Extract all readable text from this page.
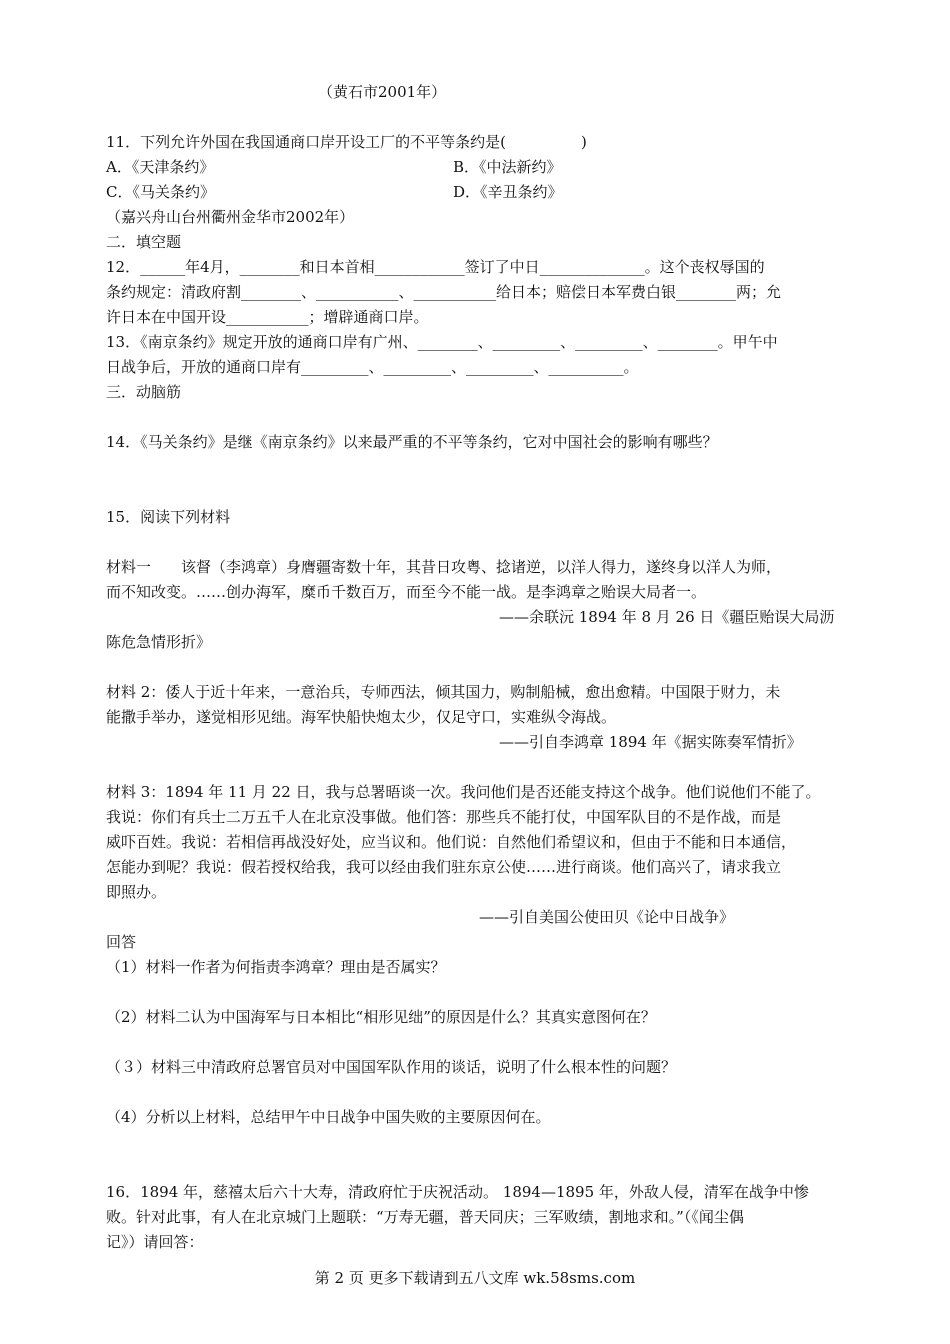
（黄石市2001年）
11．下列允许外国在我国通商口岸开设工厂的不平等条约是(　　　　　)
A．《天津条约》	B．《中法新约》
C．《马关条约》	D．《辛丑条约》
（嘉兴舟山台州衢州金华市2002年）
二．填空题
12．______年4月，________和日本首相____________签订了中日______________。这个丧权辱国的
条约规定：清政府割________、___________、___________给日本；赔偿日本军费白银________两；允
许日本在中国开设___________；增辟通商口岸。
13．《南京条约》规定开放的通商口岸有广州、________、_________、_________、________。甲午中
日战争后，开放的通商口岸有_________、_________、_________、__________。
三．动脑筋
14．《马关条约》是继《南京条约》以来最严重的不平等条约，它对中国社会的影响有哪些？
15．阅读下列材料
材料一　　该督（李鸿章）身膺疆寄数十年，其昔日攻粤、捻诸逆，以洋人得力，遂终身以洋人为师，
而不知改变。……创办海军，糜币千数百万，而至今不能一战。是李鸿章之贻误大局者一。
——余联沅 1894 年 8 月 26 日《疆臣贻误大局沥
陈危急情形折》
材料 2：倭人于近十年来，一意治兵，专师西法，倾其国力，购制船械，愈出愈精。中国限于财力，未
能撒手举办，遂觉相形见绌。海军快船快炮太少，仅足守口，实难纵令海战。
——引自李鸿章 1894 年《据实陈奏军情折》
材料 3：1894 年 11 月 22 日，我与总署晤谈一次。我问他们是否还能支持这个战争。他们说他们不能了。
我说：你们有兵士二万五千人在北京没事做。他们答：那些兵不能打仗，中国军队目的不是作战，而是
威吓百姓。我说：若相信再战没好处，应当议和。他们说：自然他们希望议和，但由于不能和日本通信，
怎能办到呢？我说：假若授权给我，我可以经由我们驻东京公使……进行商谈。他们高兴了，请求我立
即照办。
——引自美国公使田贝《论中日战争》
回答
（1）材料一作者为何指责李鸿章？理由是否属实？
（2）材料二认为中国海军与日本相比“相形见绌”的原因是什么？其真实意图何在？
（３）材料三中清政府总署官员对中国国军队作用的谈话，说明了什么根本性的问题？
（4）分析以上材料，总结甲午中日战争中国失败的主要原因何在。
16．1894 年，慈禧太后六十大寿，清政府忙于庆祝活动。 1894—1895 年，外敌人侵，清军在战争中惨
败。针对此事，有人在北京城门上题联：“万寿无疆，普天同庆；三军败绩，割地求和。”（《闻尘偶
记》）请回答：
第 2 页 更多下载请到五八文库 wk.58sms.com
